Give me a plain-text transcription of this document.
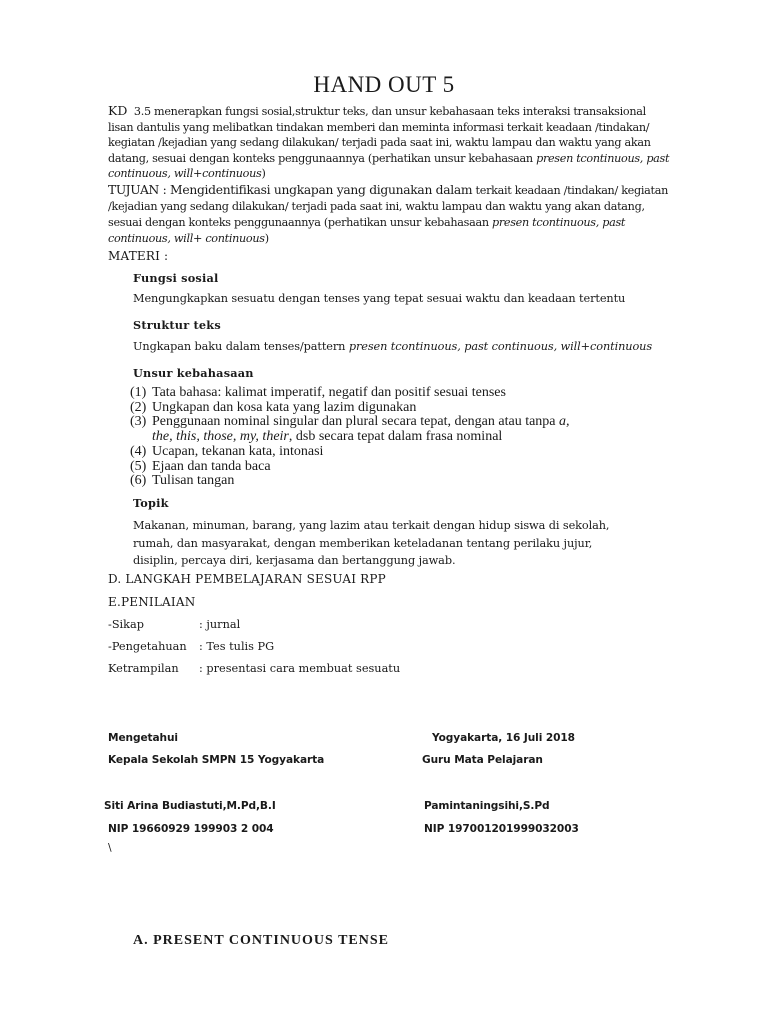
HAND OUT 5
KD 3.5 menerapkan fungsi sosial,struktur teks, dan unsur kebahasaan teks interaksi transaksional
lisan dantulis yang melibatkan tindakan memberi dan meminta informasi terkait keadaan /tindakan/
kegiatan /kejadian yang sedang dilakukan/ terjadi pada saat ini, waktu lampau dan waktu yang akan
datang, sesuai dengan konteks penggunaannya (perhatikan unsur kebahasaan presen tcontinuous, past
continuous, will+continuous)
TUJUAN : Mengidentifikasi ungkapan yang digunakan dalam terkait keadaan /tindakan/ kegiatan
/kejadian yang sedang dilakukan/ terjadi pada saat ini, waktu lampau dan waktu yang akan datang,
sesuai dengan konteks penggunaannya (perhatikan unsur kebahasaan presen tcontinuous, past
continuous, will+ continuous)
MATERI :
Fungsi sosial
Mengungkapkan sesuatu dengan tenses yang tepat sesuai waktu dan keadaan tertentu
Struktur teks
Ungkapan baku dalam tenses/pattern presen tcontinuous, past continuous, will+continuous
Unsur kebahasaan
(1) Tata bahasa: kalimat imperatif, negatif dan positif sesuai tenses
(2) Ungkapan dan kosa kata yang lazim digunakan
(3) Penggunaan nominal singular dan plural secara tepat, dengan atau tanpa a,
the, this, those, my, their, dsb secara tepat dalam frasa nominal
(4) Ucapan, tekanan kata, intonasi
(5) Ejaan dan tanda baca
(6) Tulisan tangan
Topik
Makanan, minuman, barang, yang lazim atau terkait dengan hidup siswa di sekolah,
rumah, dan masyarakat, dengan memberikan keteladanan tentang perilaku jujur,
disiplin, percaya diri, kerjasama dan bertanggung jawab.
D. LANGKAH PEMBELAJARAN SESUAI RPP
E.PENILAIAN
-Sikap	: jurnal
-Pengetahuan : Tes tulis PG
Ketrampilan : presentasi cara membuat sesuatu
Mengetahui	Yogyakarta, 16 Juli 2018
Kepala Sekolah SMPN 15 Yogyakarta	Guru Mata Pelajaran
Siti Arina Budiastuti,M.Pd,B.I	Pamintaningsihi,S.Pd
NIP 19660929 199903 2 004	NIP 197001201999032003
\
A. PRESENT CONTINUOUS TENSE
